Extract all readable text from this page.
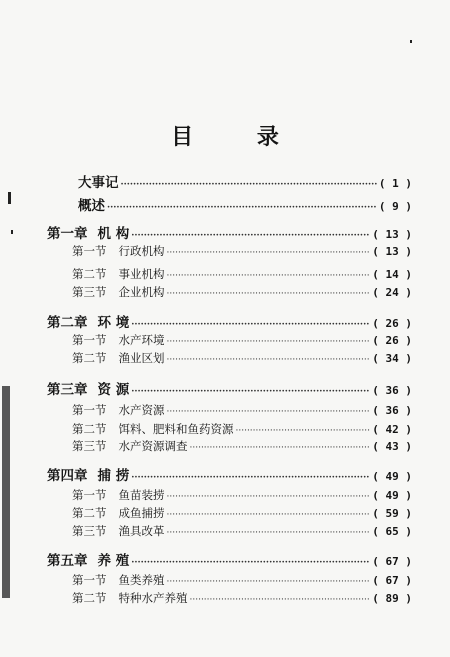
目 录
大事记 ·····	( 1 )
概述 ·····	( 9 )
第一章 机 构 ·····	( 13 )
第一节 行政机构 ·····	( 13 )
第二节 事业机构 ·····	( 14 )
第三节 企业机构 ·····	( 24 )
第二章 环 境 ·····	( 26 )
第一节 水产环境 ·····	( 26 )
第二节 渔业区划 ·····	( 34 )
第三章 资 源 ·····	( 36 )
第一节 水产资源 ·····	( 36 )
第二节 饵料、肥料和鱼药资源 ·····	( 42 )
第三节 水产资源调查 ·····	( 43 )
第四章 捕 捞 ·····	( 49 )
第一节 鱼苗装捞 ·····	( 49 )
第二节 成鱼捕捞 ·····	( 59 )
第三节 渔具改革 ·····	( 65 )
第五章 养 殖 ·····	( 67 )
第一节 鱼类养殖 ·····	( 67 )
第二节 特种水产养殖 ·····	( 89 )
